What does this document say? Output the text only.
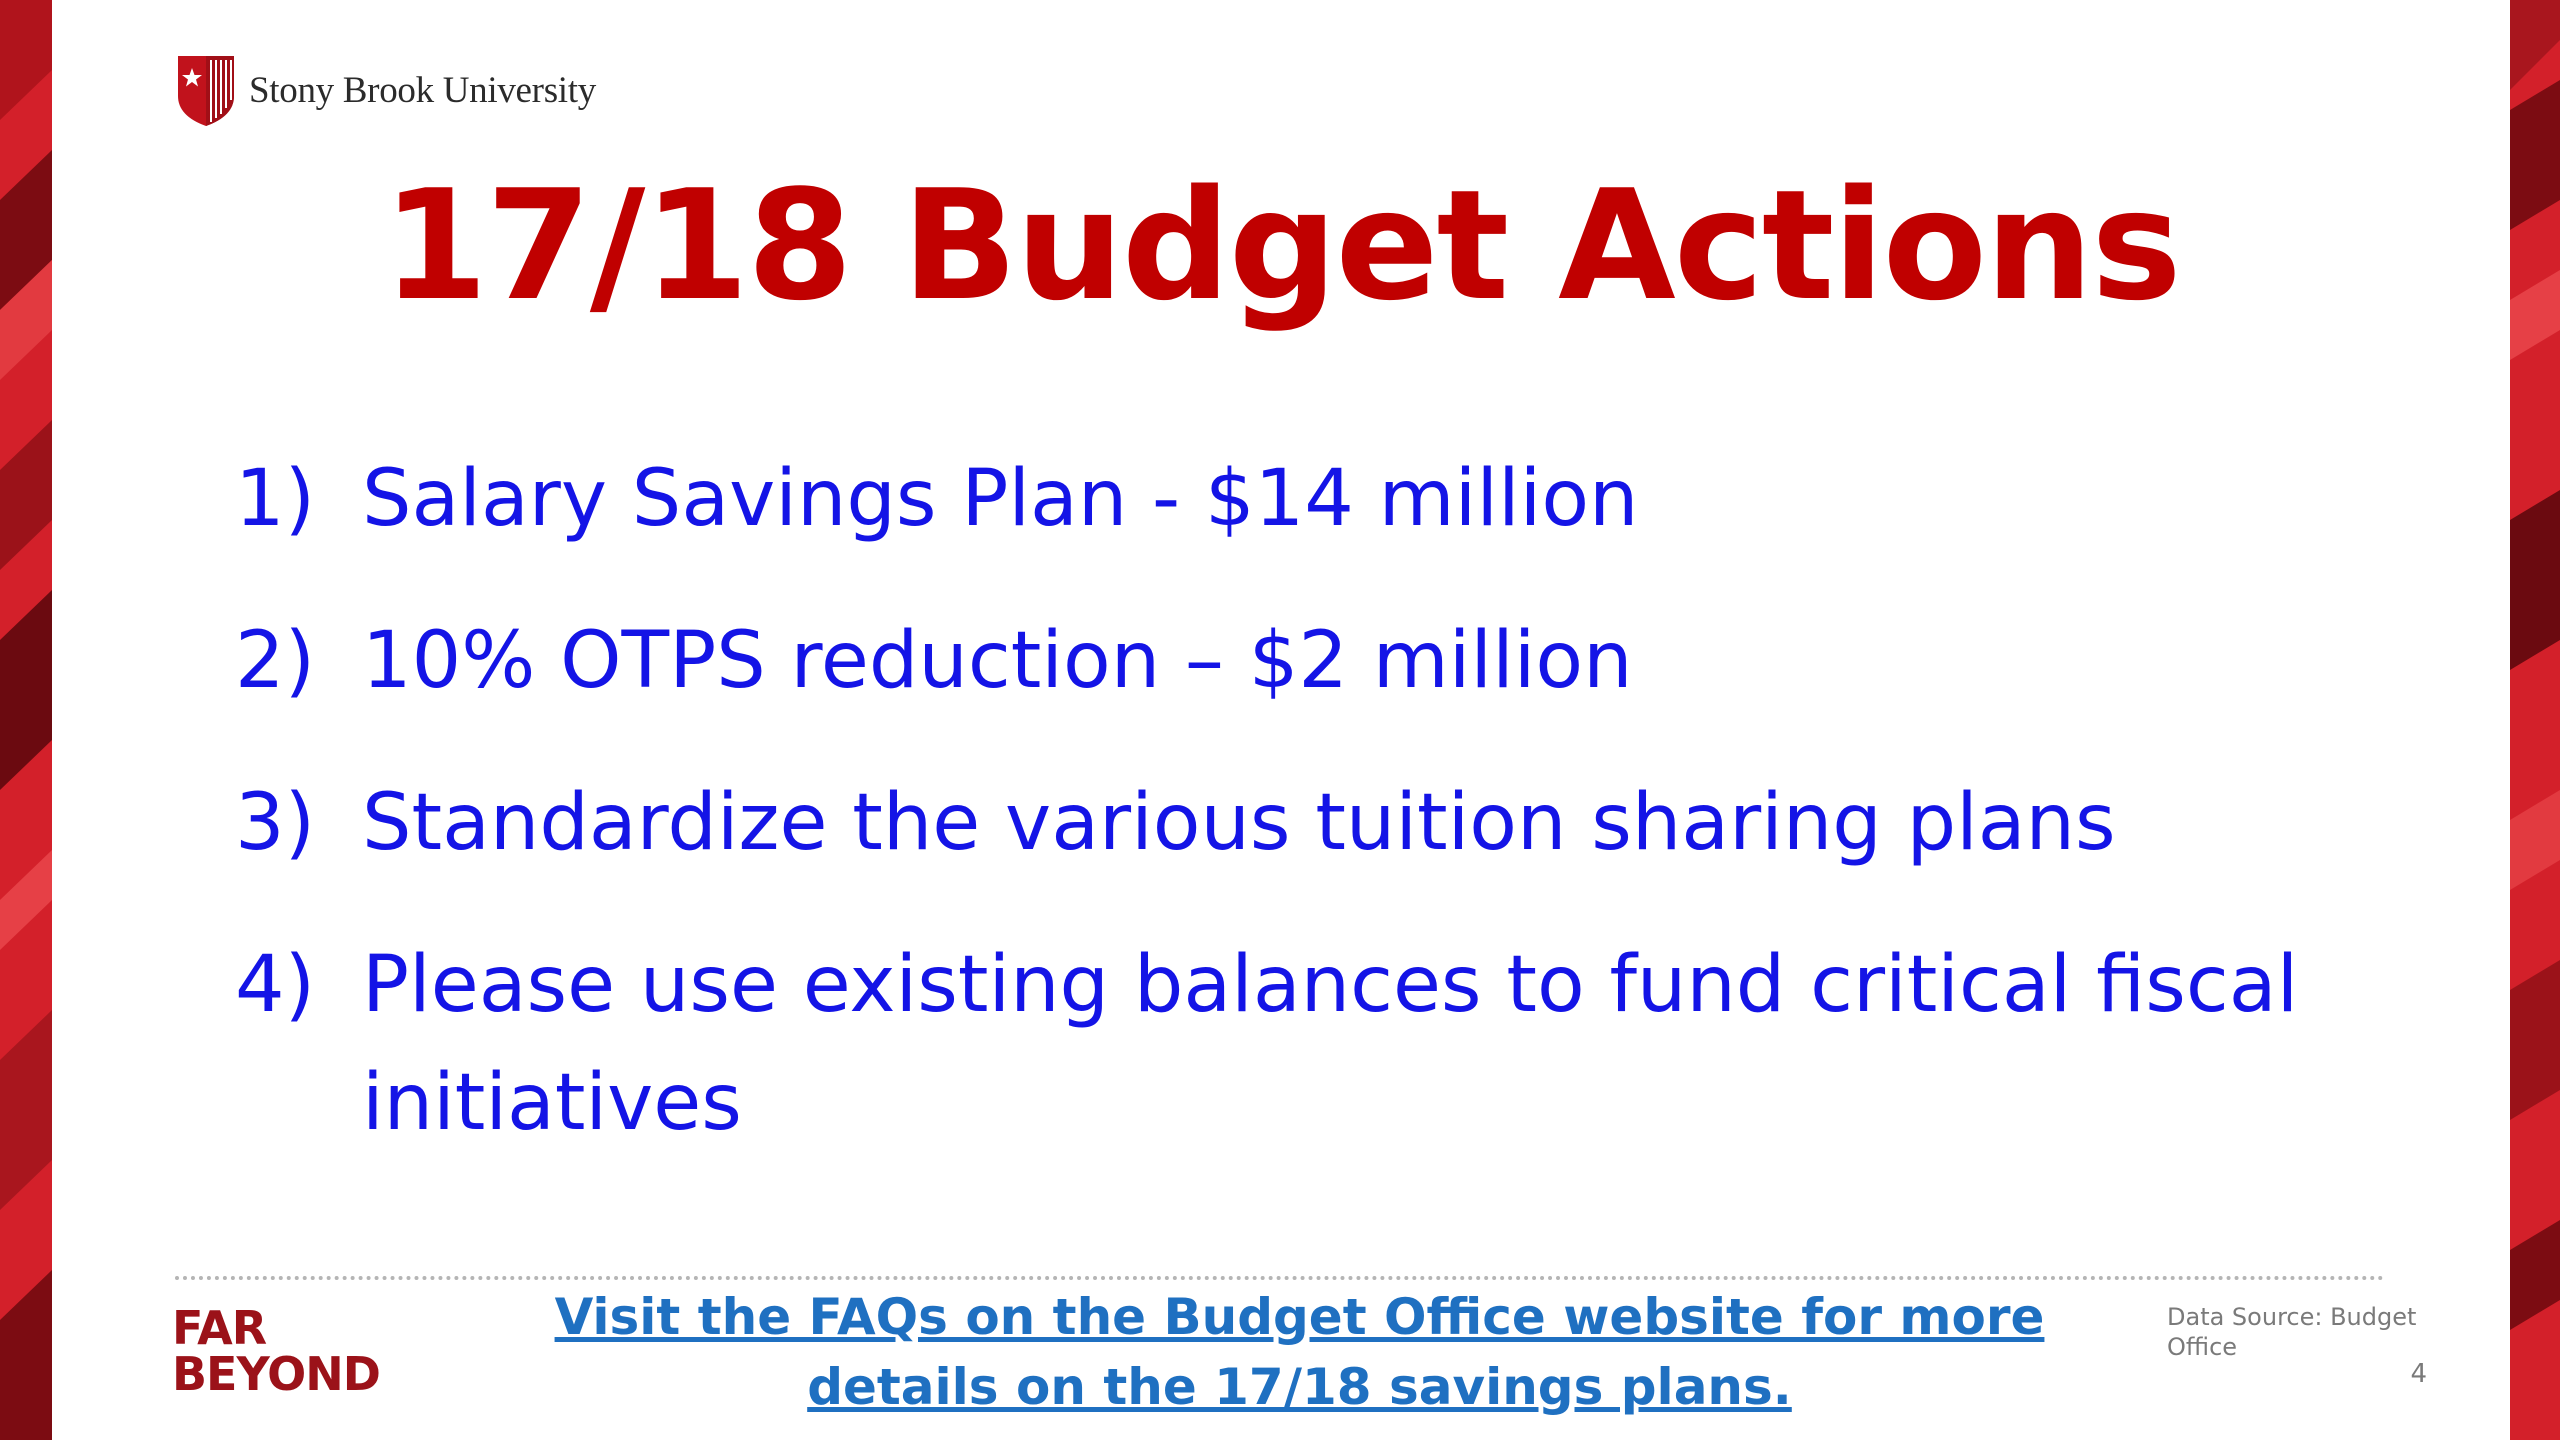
Stony Brook University
17/18 Budget Actions
1) Salary Savings Plan - $14 million
2) 10% OTPS reduction – $2 million
3) Standardize the various tuition sharing plans
4) Please use existing balances to fund critical fiscal initiatives
FAR
BEYOND
Visit the FAQs on the Budget Office website for more details on the 17/18 savings plans.
Data Source: Budget Office
4
